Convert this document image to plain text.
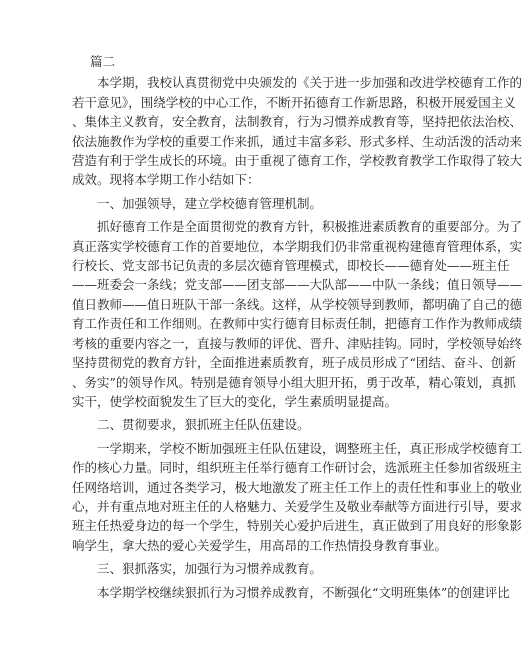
篇二
　　本学期，我校认真贯彻党中央颁发的《关于进一步加强和改进学校德育工作的
若干意见》，围绕学校的中心工作，不断开拓德育工作新思路，积极开展爱国主义
、集体主义教育，安全教育，法制教育，行为习惯养成教育等，坚持把依法治校、
依法施教作为学校的重要工作来抓，通过丰富多彩、形式多样、生动活泼的活动来
营造有利于学生成长的环境。由于重视了德育工作，学校教育教学工作取得了较大
成效。现将本学期工作小结如下：
　　一、加强领导，建立学校德育管理机制。
　　抓好德育工作是全面贯彻党的教育方针，积极推进素质教育的重要部分。为了
真正落实学校德育工作的首要地位，本学期我们仍非常重视构建德育管理体系，实
行校长、党支部书记负责的多层次德育管理模式，即校长——德育处——班主任
——班委会一条线；党支部——团支部——大队部——中队一条线；值日领导——
值日教师——值日班队干部一条线。这样，从学校领导到教师，都明确了自己的德
育工作责任和工作细则。在教师中实行德育目标责任制，把德育工作作为教师成绩
考核的重要内容之一，直接与教师的评优、晋升、津贴挂钩。同时，学校领导始终
坚持贯彻党的教育方针，全面推进素质教育，班子成员形成了“团结、奋斗、创新
、务实”的领导作风。特别是德育领导小组大胆开拓，勇于改革，精心策划，真抓
实干，使学校面貌发生了巨大的变化，学生素质明显提高。
　　二、贯彻要求，狠抓班主任队伍建设。
　　一学期来，学校不断加强班主任队伍建设，调整班主任，真正形成学校德育工
作的核心力量。同时，组织班主任举行德育工作研讨会，选派班主任参加省级班主
任网络培训，通过各类学习，极大地激发了班主任工作上的责任性和事业上的敬业
心，并有重点地对班主任的人格魅力、关爱学生及敬业奉献等方面进行引导，要求
班主任热爱身边的每一个学生，特别关心爱护后进生，真正做到了用良好的形象影
响学生，拿大热的爱心关爱学生，用高昂的工作热情投身教育事业。
　　三、狠抓落实，加强行为习惯养成教育。
　　本学期学校继续狠抓行为习惯养成教育，不断强化“文明班集体”的创建评比
